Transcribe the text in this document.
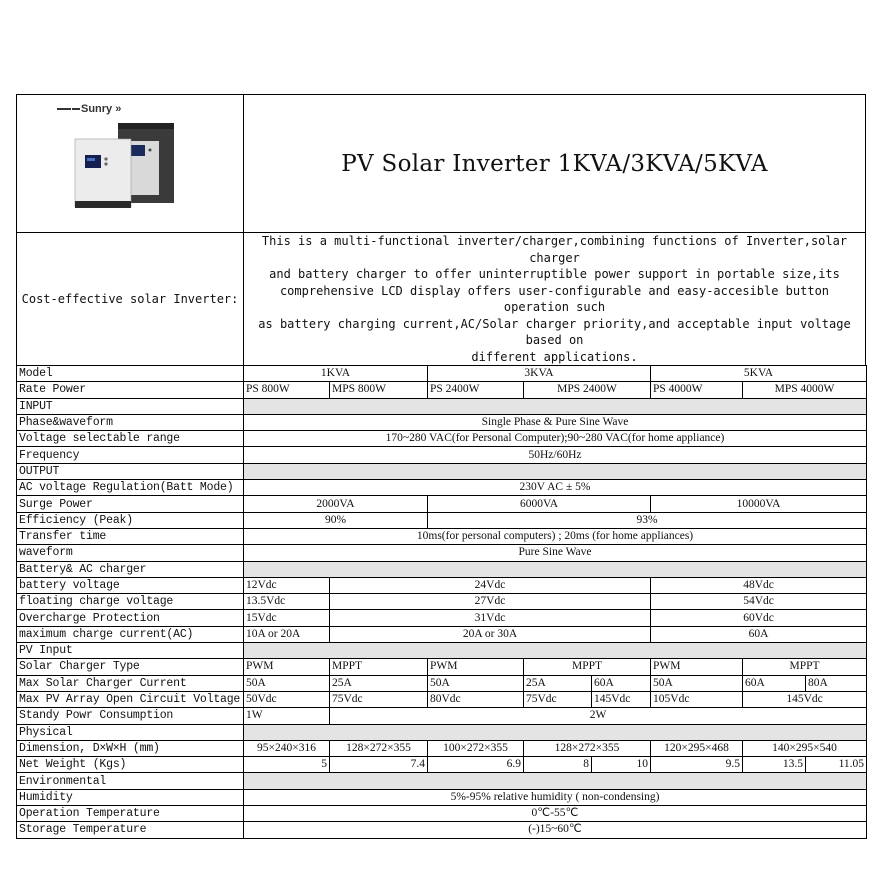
Sunry »	PV Solar Inverter 1KVA/3KVA/5KVA
Cost-effective solar Inverter:	This is a multi-functional inverter/charger,combining functions of Inverter,solar charger
and battery charger to offer uninterruptible power support in portable size,its
comprehensive LCD display offers user-configurable and easy-accesible button operation such
as battery charging current,AC/Solar charger priority,and acceptable input voltage based on
different applications.
Model	1KVA		3KVA			5KVA		
Rate Power	PS 800W	MPS 800W	PS 2400W	MPS 2400W		PS 4000W	MPS 4000W	
INPUT								
Phase&waveform	Single Phase & Pure Sine Wave							
Voltage selectable range	170~280 VAC(for Personal Computer);90~280 VAC(for home appliance)							
Frequency	50Hz/60Hz							
OUTPUT								
AC voltage Regulation(Batt Mode)	230V AC ± 5%							
Surge Power	2000VA		6000VA			10000VA		
Efficiency (Peak)	90%		93%					
Transfer time	10ms(for personal computers) ; 20ms (for home appliances)							
waveform	Pure Sine Wave							
Battery& AC charger								
battery voltage	12Vdc	24Vdc				48Vdc		
floating charge voltage	13.5Vdc	27Vdc				54Vdc		
Overcharge Protection	15Vdc	31Vdc				60Vdc		
maximum charge current(AC)	10A or 20A	20A or 30A				60A		
PV Input								
Solar Charger Type	PWM	MPPT	PWM	MPPT		PWM	MPPT	
Max Solar Charger Current	50A	25A	50A	25A	60A	50A	60A	80A
Max PV Array Open Circuit Voltage	50Vdc	75Vdc	80Vdc	75Vdc	145Vdc	105Vdc	145Vdc	
Standy Powr Consumption	1W	2W						
Physical								
Dimension, D×W×H (mm)	95×240×316	128×272×355	100×272×355	128×272×355		120×295×468	140×295×540	
Net Weight (Kgs)	5	7.4	6.9	8	10	9.5	13.5	11.05
Environmental								
Humidity	5%-95% relative humidity ( non-condensing)							
Operation Temperature	0℃-55℃							
Storage Temperature	(-)15~60℃							
